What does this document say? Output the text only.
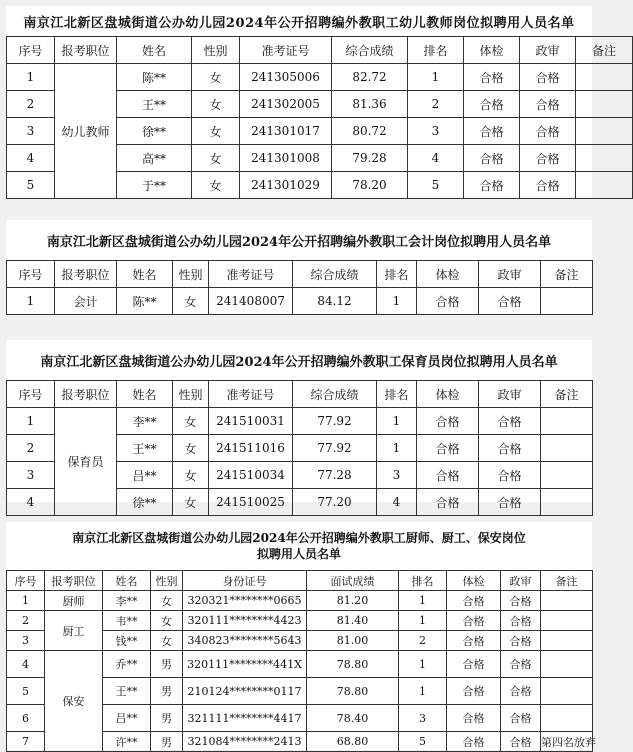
南京江北新区盘城街道公办幼儿园2024年公开招聘编外教职工幼儿教师岗位拟聘用人员名单
序号	报考职位	姓名	性别	准考证号	综合成绩	排名	体检	政审	备注
1	幼儿教师	陈**	女	241305006	82.72	1	合格	合格	
2		王**	女	241302005	81.36	2	合格	合格	
3		徐**	女	241301017	80.72	3	合格	合格	
4		高**	女	241301008	79.28	4	合格	合格	
5		于**	女	241301029	78.20	5	合格	合格	
南京江北新区盘城街道公办幼儿园2024年公开招聘编外教职工会计岗位拟聘用人员名单
序号	报考职位	姓名	性别	准考证号	综合成绩	排名	体检	政审	备注
1	会计	陈**	女	241408007	84.12	1	合格	合格	
南京江北新区盘城街道公办幼儿园2024年公开招聘编外教职工保育员岗位拟聘用人员名单
序号	报考职位	姓名	性别	准考证号	综合成绩	排名	体检	政审	备注
1	保育员	李**	女	241510031	77.92	1	合格	合格	
2		王**	女	241511016	77.92	1	合格	合格	
3		吕**	女	241510034	77.28	3	合格	合格	
4		徐**	女	241510025	77.20	4	合格	合格	
南京江北新区盘城街道公办幼儿园2024年公开招聘编外教职工厨师、厨工、保安岗位
拟聘用人员名单
序号	报考职位	姓名	性别	身份证号	面试成绩	排名	体检	政审	备注
1	厨师	李**	女	320321********0665	81.20	1	合格	合格	
2	厨工	韦**	女	320111********4423	81.40	1	合格	合格	
3		钱**	女	340823********5643	81.00	2	合格	合格	
4	保安	乔**	男	320111********441X	78.80	1	合格	合格	
5		王**	男	210124********0117	78.80	1	合格	合格	
6		吕**	男	321111********4417	78.40	3	合格	合格	
7		许**	男	321084********2413	68.80	5	合格	合格	第四名放弃
